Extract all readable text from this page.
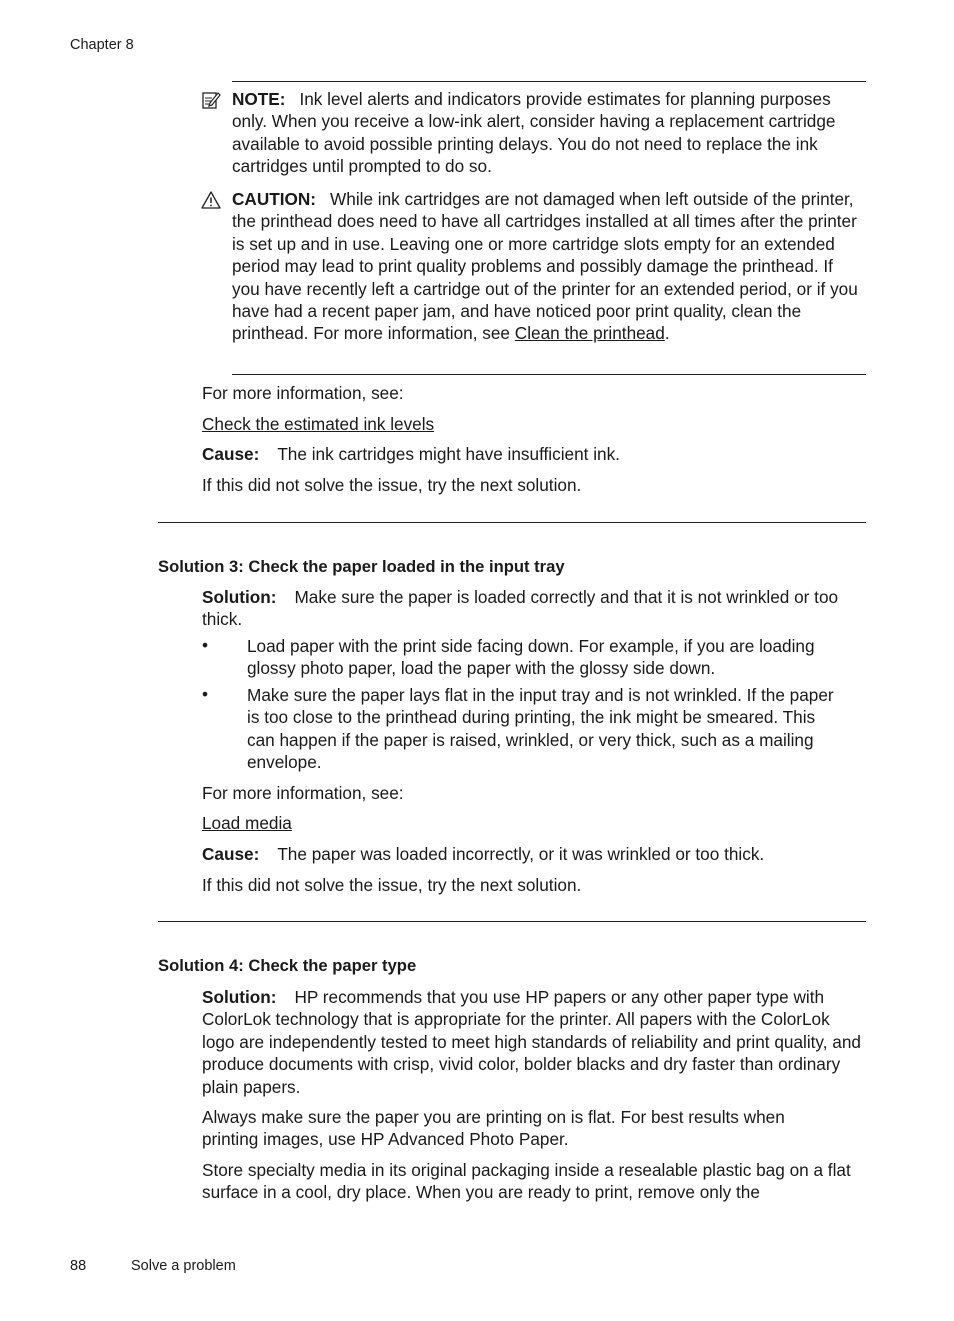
Chapter 8

NOTE: Ink level alerts and indicators provide estimates for planning purposes only. When you receive a low-ink alert, consider having a replacement cartridge available to avoid possible printing delays. You do not need to replace the ink cartridges until prompted to do so.

CAUTION: While ink cartridges are not damaged when left outside of the printer, the printhead does need to have all cartridges installed at all times after the printer is set up and in use. Leaving one or more cartridge slots empty for an extended period may lead to print quality problems and possibly damage the printhead. If you have recently left a cartridge out of the printer for an extended period, or if you have had a recent paper jam, and have noticed poor print quality, clean the printhead. For more information, see Clean the printhead.

For more information, see:

Check the estimated ink levels

Cause: The ink cartridges might have insufficient ink.

If this did not solve the issue, try the next solution.

Solution 3: Check the paper loaded in the input tray

Solution: Make sure the paper is loaded correctly and that it is not wrinkled or too thick.

• Load paper with the print side facing down. For example, if you are loading glossy photo paper, load the paper with the glossy side down.

• Make sure the paper lays flat in the input tray and is not wrinkled. If the paper is too close to the printhead during printing, the ink might be smeared. This can happen if the paper is raised, wrinkled, or very thick, such as a mailing envelope.

For more information, see:

Load media

Cause: The paper was loaded incorrectly, or it was wrinkled or too thick.

If this did not solve the issue, try the next solution.

Solution 4: Check the paper type

Solution: HP recommends that you use HP papers or any other paper type with ColorLok technology that is appropriate for the printer. All papers with the ColorLok logo are independently tested to meet high standards of reliability and print quality, and produce documents with crisp, vivid color, bolder blacks and dry faster than ordinary plain papers.

Always make sure the paper you are printing on is flat. For best results when printing images, use HP Advanced Photo Paper.

Store specialty media in its original packaging inside a resealable plastic bag on a flat surface in a cool, dry place. When you are ready to print, remove only the

88	Solve a problem
